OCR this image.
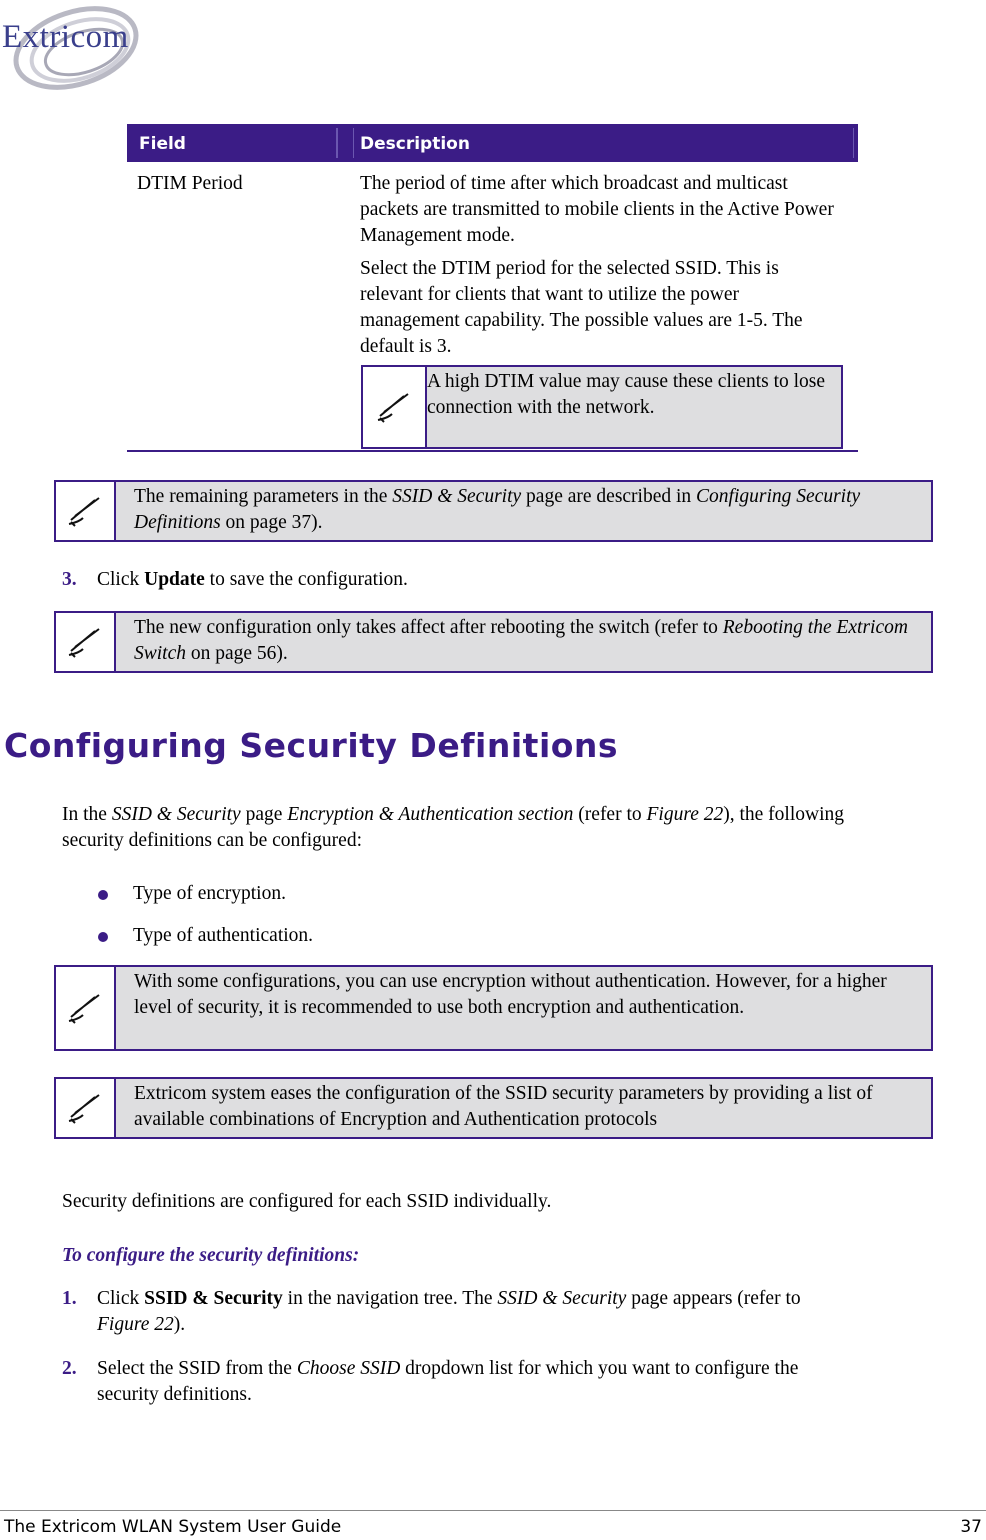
Extricom
Field	Description
DTIM Period	The period of time after which broadcast and multicast packets are transmitted to mobile clients in the Active Power Management mode.

Select the DTIM period for the selected SSID. This is relevant for clients that want to utilize the power management capability. The possible values are 1-5. The default is 3.

A high DTIM value may cause these clients to lose connection with the network.
The remaining parameters in the SSID & Security page are described in Configuring Security Definitions on page 37).
3. Click Update to save the configuration.
The new configuration only takes affect after rebooting the switch (refer to Rebooting the Extricom Switch on page 56).
Configuring Security Definitions
In the SSID & Security page Encryption & Authentication section (refer to Figure 22), the following
security definitions can be configured:
Type of encryption.
Type of authentication.
With some configurations, you can use encryption without authentication. However, for a higher level of security, it is recommended to use both encryption and authentication.
Extricom system eases the configuration of the SSID security parameters by providing a list of available combinations of Encryption and Authentication protocols
Security definitions are configured for each SSID individually.
To configure the security definitions:
1. Click SSID & Security in the navigation tree. The SSID & Security page appears (refer to
Figure 22).
2. Select the SSID from the Choose SSID dropdown list for which you want to configure the
security definitions.
The Extricom WLAN System User Guide	37
